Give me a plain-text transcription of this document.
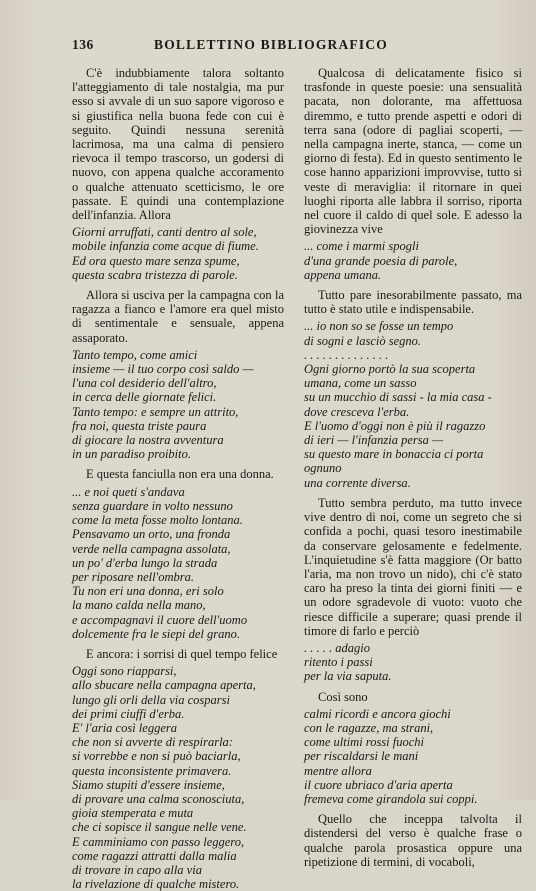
136	BOLLETTINO BIBLIOGRAFICO

C'è indubbiamente talora soltanto l'atteggiamento di tale nostalgia, ma pur esso si avvale di un suo sapore vigoroso e si giustifica nella buona fede con cui è seguito. Quindi nessuna serenità lacrimosa, ma una calma di pensiero rievoca il tempo trascorso, un godersi di nuovo, con appena qualche accoramento o qualche attenuato scetticismo, le ore passate. E quindi una contemplazione dell'infanzia. Allora

Giorni arruffati, canti dentro al sole,
mobile infanzia come acque di fiume.
Ed ora questo mare senza spume,
questa scabra tristezza di parole.

Allora si usciva per la campagna con la ragazza a fianco e l'amore era quel misto di sentimentale e sensuale, appena assaporato.

Tanto tempo, come amici
insieme — il tuo corpo così saldo —
l'una col desiderio dell'altro,
in cerca delle giornate felici.
Tanto tempo: e sempre un attrito,
fra noi, questa triste paura
di giocare la nostra avventura
in un paradiso proibito.

E questa fanciulla non era una donna.

... e noi queti s'andava
senza guardare in volto nessuno
come la meta fosse molto lontana.
Pensavamo un orto, una fronda
verde nella campagna assolata,
un po' d'erba lungo la strada
per riposare nell'ombra.
Tu non eri una donna, eri solo
la mano calda nella mano,
e accompagnavi il cuore dell'uomo
dolcemente fra le siepi del grano.

E ancora: i sorrisi di quel tempo felice

Oggi sono riapparsi,
allo sbucare nella campagna aperta,
lungo gli orli della via cosparsi
dei primi ciuffi d'erba.
E' l'aria così leggera
che non si avverte di respirarla:
si vorrebbe e non si può baciarla,
questa inconsistente primavera.
Siamo stupiti d'essere insieme,
di provare una calma sconosciuta,
gioia stemperata e muta
che ci sopisce il sangue nelle vene.
E camminiamo con passo leggero,
come ragazzi attratti dalla malia
di trovare in capo alla via
la rivelazione di qualche mistero.

Qualcosa di delicatamente fisico si trasfonde in queste poesie: una sensualità pacata, non dolorante, ma affettuosa diremmo, e tutto prende aspetti e odori di terra sana (odore di pagliai scoperti, — nella campagna inerte, stanca, — come un giorno di festa). Ed in questo sentimento le cose hanno apparizioni improvvise, tutto si veste di meraviglia: il ritornare in quei luoghi riporta alle labbra il sorriso, riporta nel cuore il caldo di quel sole. E adesso la giovinezza vive

... come i marmi spogli
d'una grande poesia di parole,
appena umana.

Tutto pare inesorabilmente passato, ma tutto è stato utile e indispensabile.

... io non so se fosse un tempo
di sogni e lasciò segno.
. . . . . . . . . . . . . .
Ogni giorno portò la sua scoperta
umana, come un sasso
su un mucchio di sassi - la mia casa -
dove cresceva l'erba.
E l'uomo d'oggi non è più il ragazzo
di ieri — l'infanzia persa —
su questo mare in bonaccia ci porta
ognuno
una corrente diversa.

Tutto sembra perduto, ma tutto invece vive dentro di noi, come un segreto che si confida a pochi, quasi tesoro inestimabile da conservare gelosamente e fedelmente. L'inquietudine s'è fatta maggiore (Or batto l'aria, ma non trovo un nido), chi c'è stato caro ha preso la tinta dei giorni finiti — e un odore sgradevole di vuoto: vuoto che riesce difficile a superare; quasi prende il timore di farlo e perciò

. . . . . adagio
ritento i passi
per la via saputa.

Così sono

calmi ricordi e ancora giochi
con le ragazze, ma strani,
come ultimi rossi fuochi
per riscaldarsi le mani
mentre allora
il cuore ubriaco d'aria aperta
fremeva come girandola sui coppi.

Quello che inceppa talvolta il distendersi del verso è qualche frase o qualche parola prosastica oppure una ripetizione di termini, di vocaboli,
